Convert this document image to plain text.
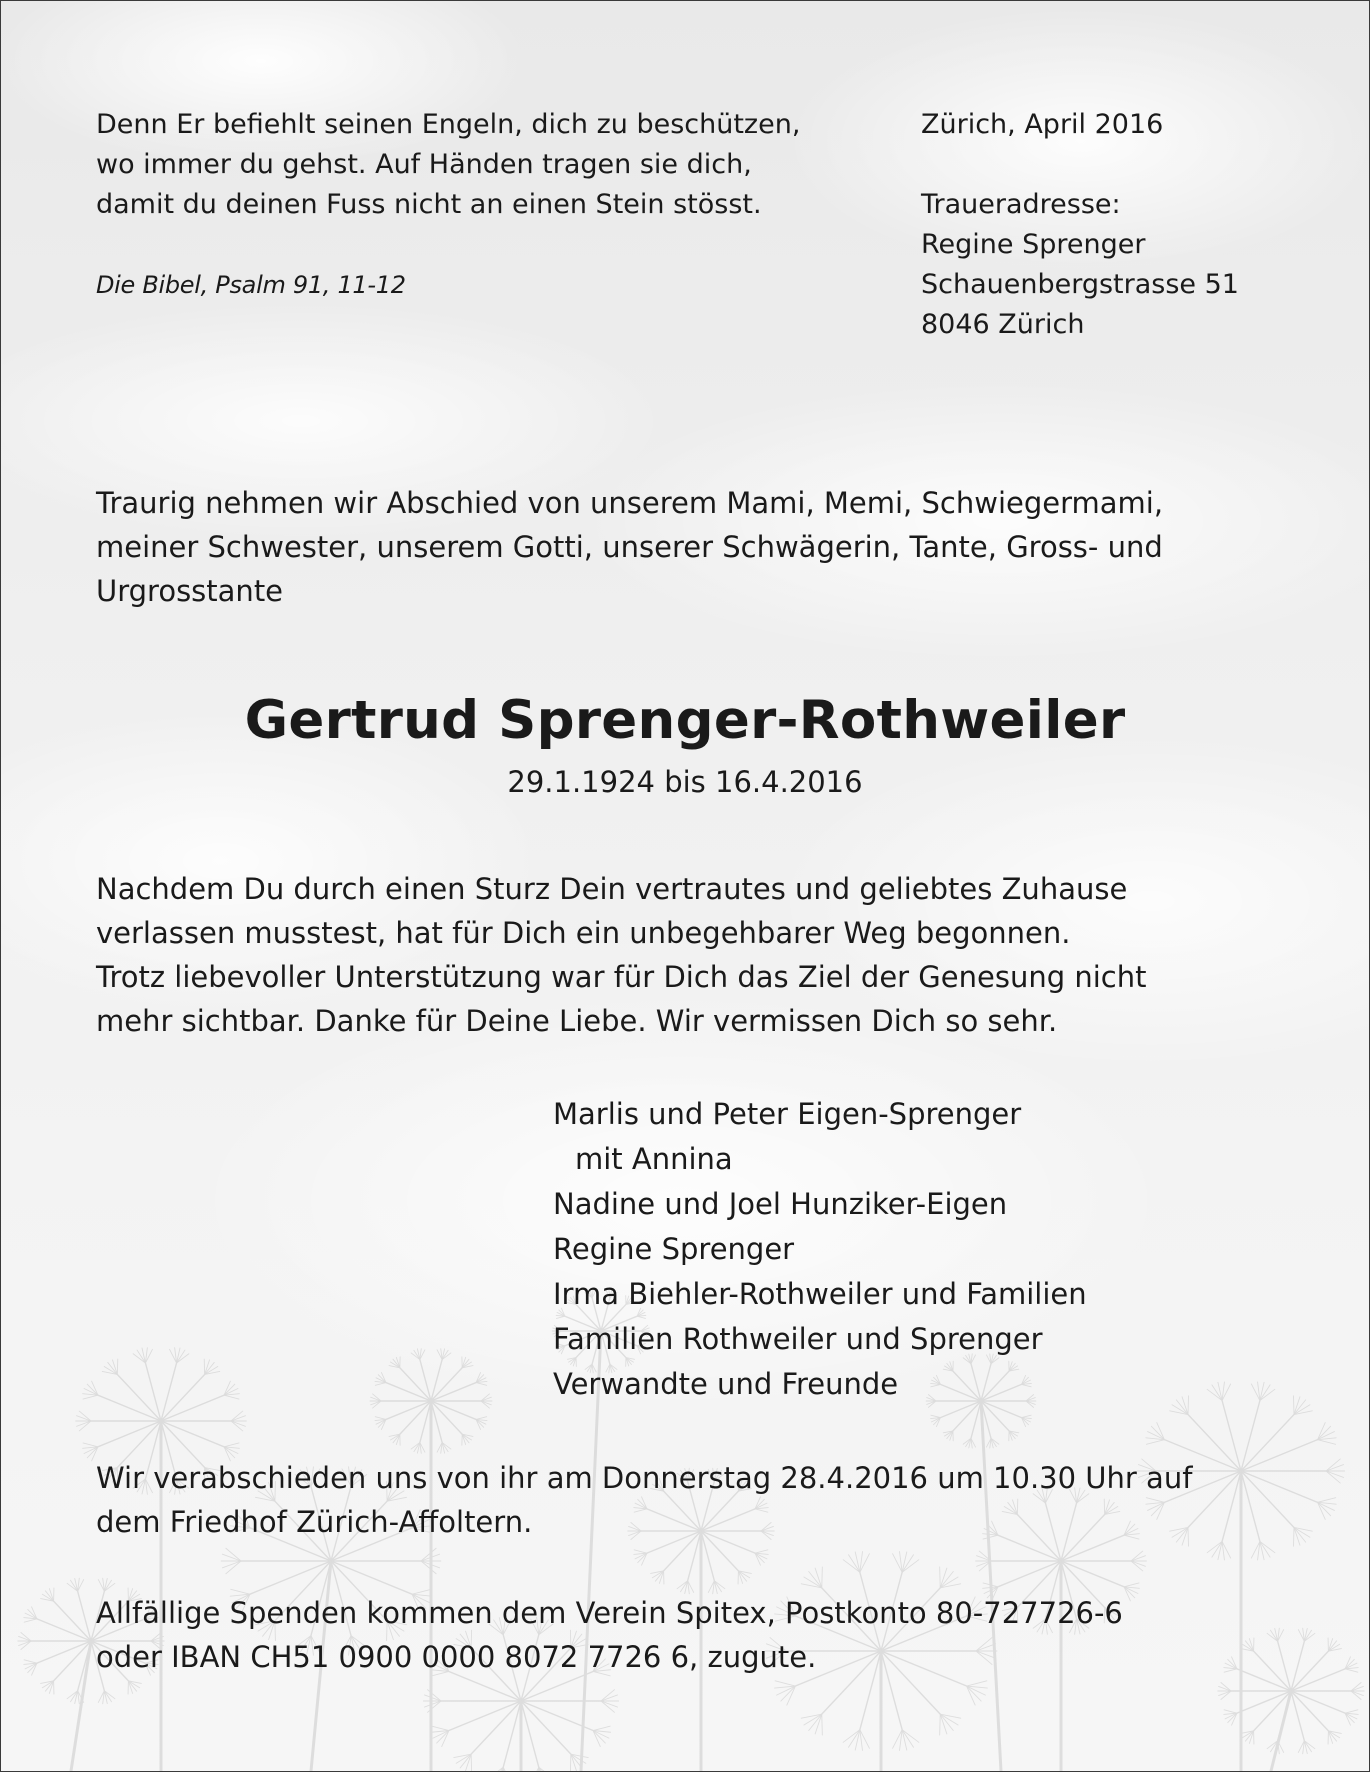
Denn Er befiehlt seinen Engeln, dich zu beschützen,
wo immer du gehst. Auf Händen tragen sie dich,
damit du deinen Fuss nicht an einen Stein stösst.
Die Bibel, Psalm 91, 11-12
Zürich, April 2016
Traueradresse:
Regine Sprenger
Schauenbergstrasse 51
8046 Zürich
Traurig nehmen wir Abschied von unserem Mami, Memi, Schwiegermami,
meiner Schwester, unserem Gotti, unserer Schwägerin, Tante, Gross- und
Urgrosstante
Gertrud Sprenger-Rothweiler
29.1.1924 bis 16.4.2016
Nachdem Du durch einen Sturz Dein vertrautes und geliebtes Zuhause
verlassen musstest, hat für Dich ein unbegehbarer Weg begonnen.
Trotz liebevoller Unterstützung war für Dich das Ziel der Genesung nicht
mehr sichtbar. Danke für Deine Liebe. Wir vermissen Dich so sehr.
Marlis und Peter Eigen-Sprenger
mit Annina
Nadine und Joel Hunziker-Eigen
Regine Sprenger
Irma Biehler-Rothweiler und Familien
Familien Rothweiler und Sprenger
Verwandte und Freunde
Wir verabschieden uns von ihr am Donnerstag 28.4.2016 um 10.30 Uhr auf
dem Friedhof Zürich-Affoltern.
Allfällige Spenden kommen dem Verein Spitex, Postkonto 80-727726-6
oder IBAN CH51 0900 0000 8072 7726 6, zugute.
